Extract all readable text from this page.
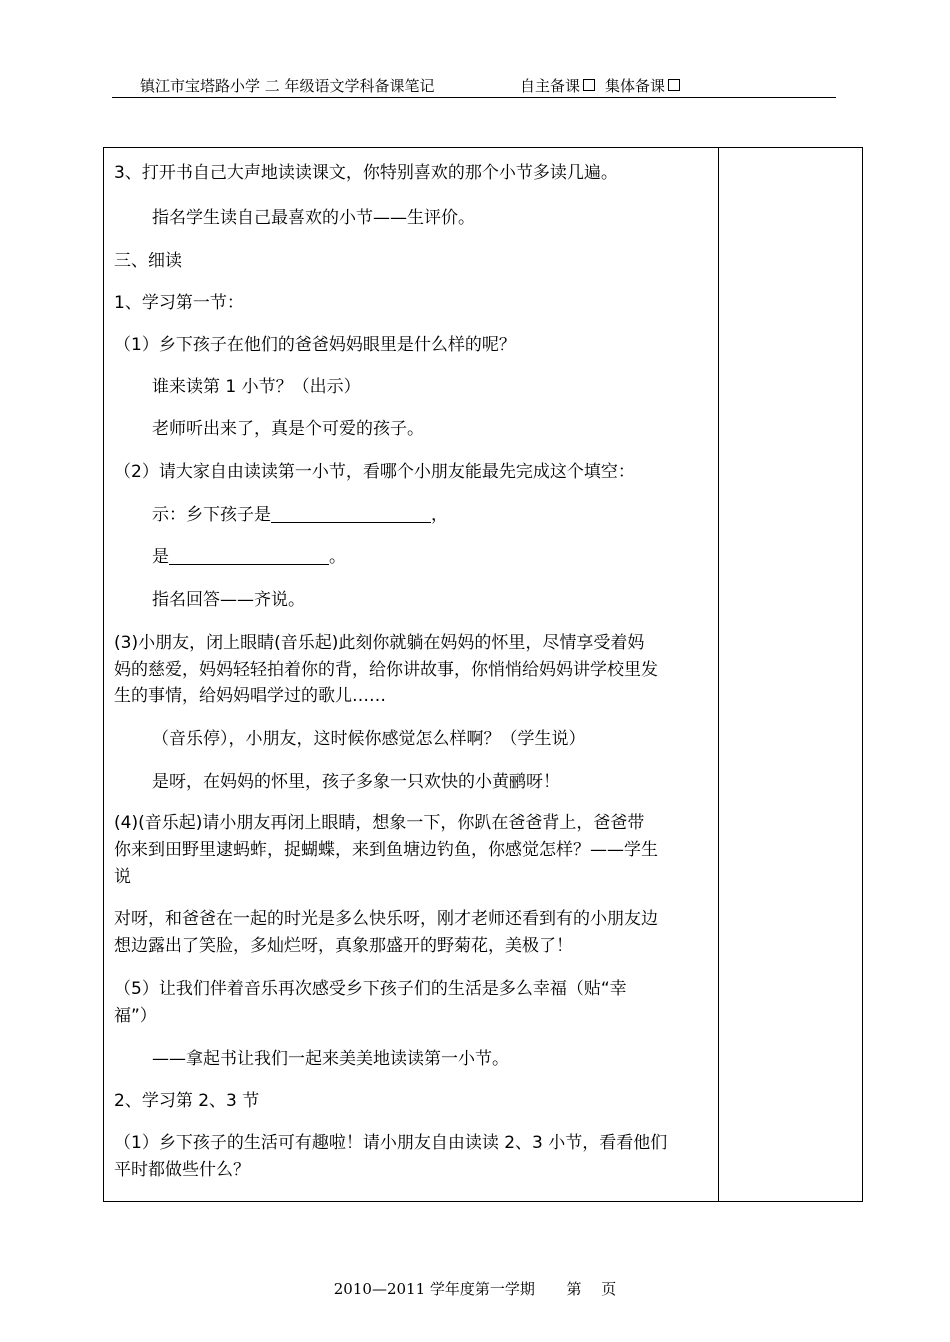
镇江市宝塔路小学 二 年级语文学科备课笔记	自主备课 集体备课
3、打开书自己大声地读读课文，你特别喜欢的那个小节多读几遍。
指名学生读自己最喜欢的小节——生评价。
三、细读
1、学习第一节：
（1）乡下孩子在他们的爸爸妈妈眼里是什么样的呢？
谁来读第 1 小节？（出示）
老师听出来了，真是个可爱的孩子。
（2）请大家自由读读第一小节，看哪个小朋友能最先完成这个填空：
示：乡下孩子是	，
是	。
指名回答——齐说。
(3)小朋友，闭上眼睛(音乐起)此刻你就躺在妈妈的怀里，尽情享受着妈
妈的慈爱，妈妈轻轻拍着你的背，给你讲故事，你悄悄给妈妈讲学校里发
生的事情，给妈妈唱学过的歌儿……
（音乐停），小朋友，这时候你感觉怎么样啊？（学生说）
是呀，在妈妈的怀里，孩子多象一只欢快的小黄鹂呀！
(4)(音乐起)请小朋友再闭上眼睛，想象一下，你趴在爸爸背上，爸爸带
你来到田野里逮蚂蚱，捉蝴蝶，来到鱼塘边钓鱼，你感觉怎样？——学生
说
对呀，和爸爸在一起的时光是多么快乐呀，刚才老师还看到有的小朋友边
想边露出了笑脸，多灿烂呀，真象那盛开的野菊花，美极了！
（5）让我们伴着音乐再次感受乡下孩子们的生活是多么幸福（贴“幸
福”）
——拿起书让我们一起来美美地读读第一小节。
2、学习第 2、3 节
（1）乡下孩子的生活可有趣啦！请小朋友自由读读 2、3 小节，看看他们
平时都做些什么？
2010—2011 学年度第一学期 第　 页
